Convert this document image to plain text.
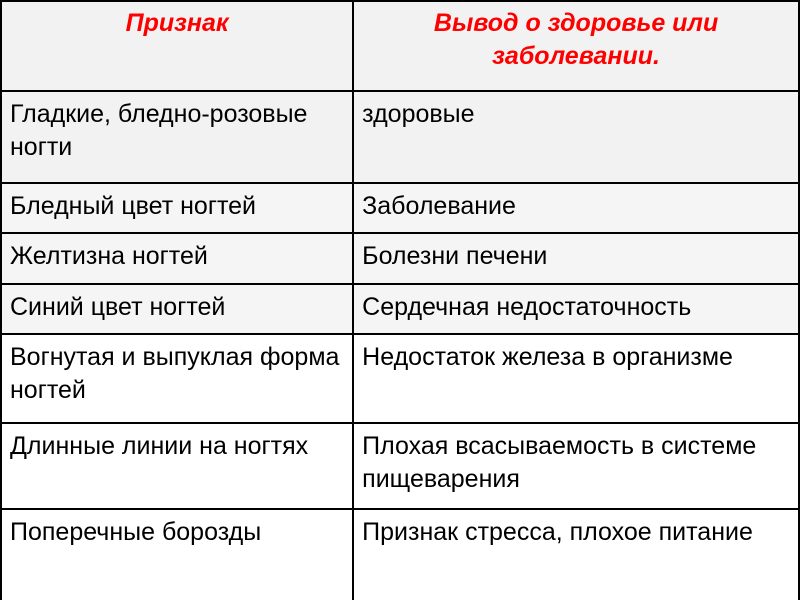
Признак	Вывод о здоровье или заболевании.
Гладкие, бледно-розовые ногти	здоровые
Бледный цвет ногтей	Заболевание
Желтизна ногтей	Болезни печени
Синий цвет ногтей	Сердечная недостаточность
Вогнутая и выпуклая форма ногтей	Недостаток железа в организме
Длинные линии на ногтях	Плохая всасываемость в системе пищеварения
Поперечные борозды	Признак стресса, плохое питание
